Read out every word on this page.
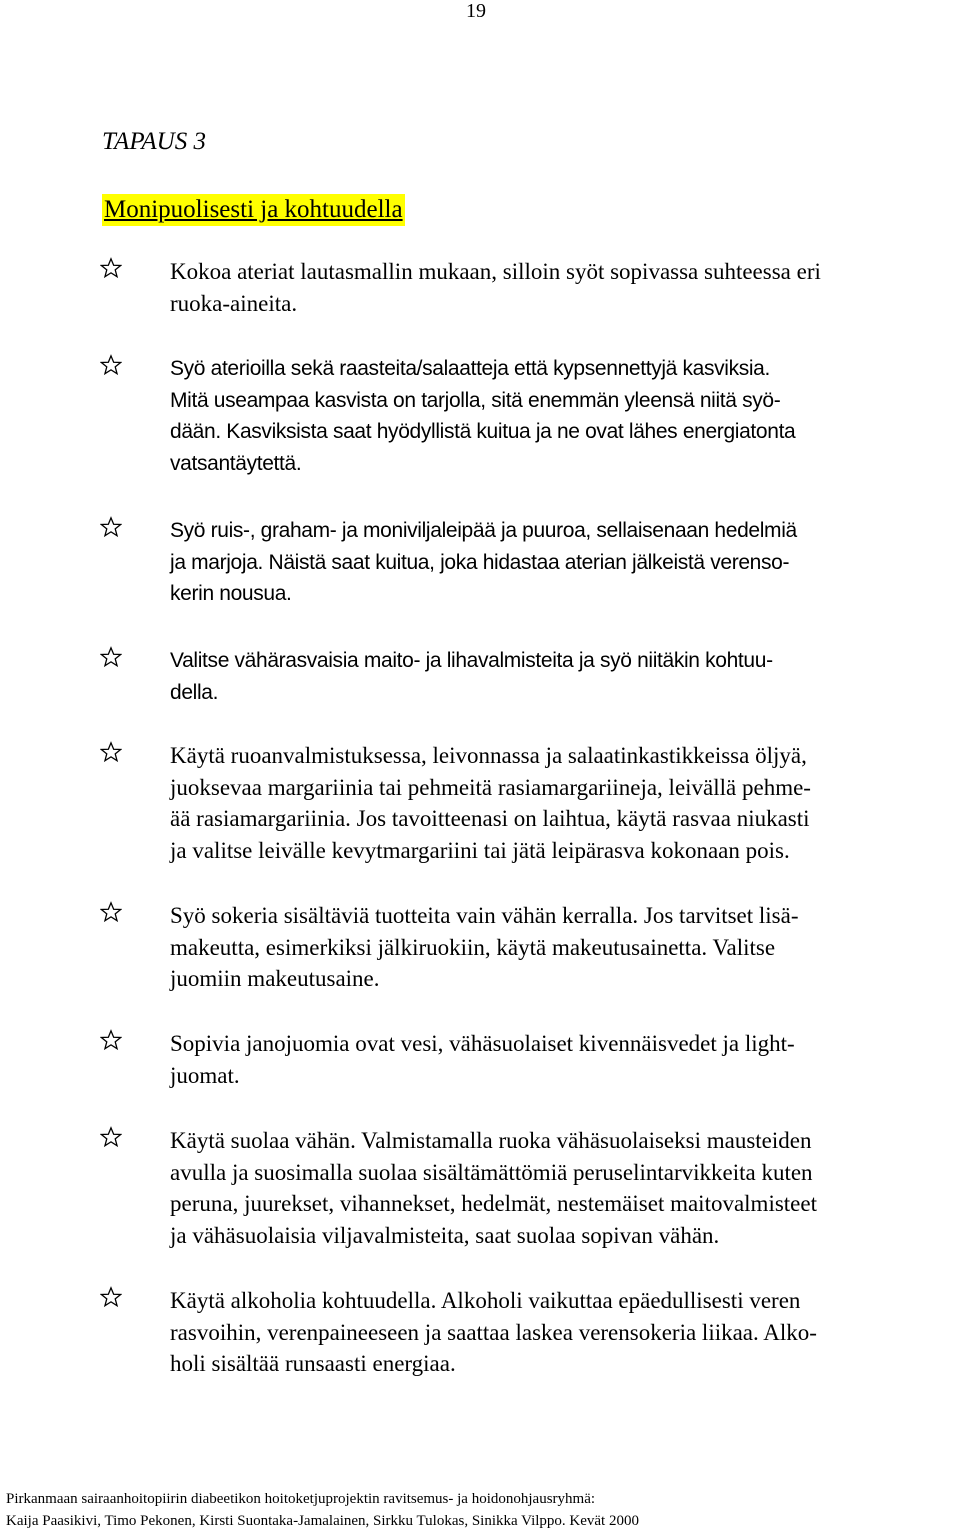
19
TAPAUS 3
Monipuolisesti ja kohtuudella
Kokoa ateriat lautasmallin mukaan, silloin syöt sopivassa suhteessa eri
ruoka-aineita.
Syö aterioilla sekä raasteita/salaatteja että kypsennettyjä kasviksia.
Mitä useampaa kasvista on tarjolla, sitä enemmän yleensä niitä syö-
dään. Kasviksista saat hyödyllistä kuitua ja ne ovat lähes energiatonta
vatsantäytettä.
Syö ruis-, graham- ja moniviljaleipää ja puuroa, sellaisenaan hedelmiä
ja marjoja. Näistä saat kuitua, joka hidastaa aterian jälkeistä verenso-
kerin nousua.
Valitse vähärasvaisia maito- ja lihavalmisteita ja syö niitäkin kohtuu-
della.
Käytä ruoanvalmistuksessa, leivonnassa ja salaatinkastikkeissa öljyä,
juoksevaa margariinia tai pehmeitä rasiamargariineja, leivällä pehme-
ää rasiamargariinia. Jos tavoitteenasi on laihtua, käytä rasvaa niukasti
ja valitse leivälle kevytmargariini tai jätä leipärasva kokonaan pois.
Syö sokeria sisältäviä tuotteita vain vähän kerralla. Jos tarvitset lisä-
makeutta, esimerkiksi jälkiruokiin, käytä makeutusainetta. Valitse
juomiin makeutusaine.
Sopivia janojuomia ovat vesi, vähäsuolaiset kivennäisvedet ja light-
juomat.
Käytä suolaa vähän. Valmistamalla ruoka vähäsuolaiseksi mausteiden
avulla ja suosimalla suolaa sisältämättömiä peruselintarvikkeita kuten
peruna, juurekset, vihannekset, hedelmät, nestemäiset maitovalmisteet
ja vähäsuolaisia viljavalmisteita, saat suolaa sopivan vähän.
Käytä alkoholia kohtuudella. Alkoholi vaikuttaa epäedullisesti veren
rasvoihin, verenpaineeseen ja saattaa laskea verensokeria liikaa. Alko-
holi sisältää runsaasti energiaa.
Pirkanmaan sairaanhoitopiirin diabeetikon hoitoketjuprojektin ravitsemus- ja hoidonohjausryhmä:
Kaija Paasikivi, Timo Pekonen, Kirsti Suontaka-Jamalainen, Sirkku Tulokas, Sinikka Vilppo. Kevät 2000
